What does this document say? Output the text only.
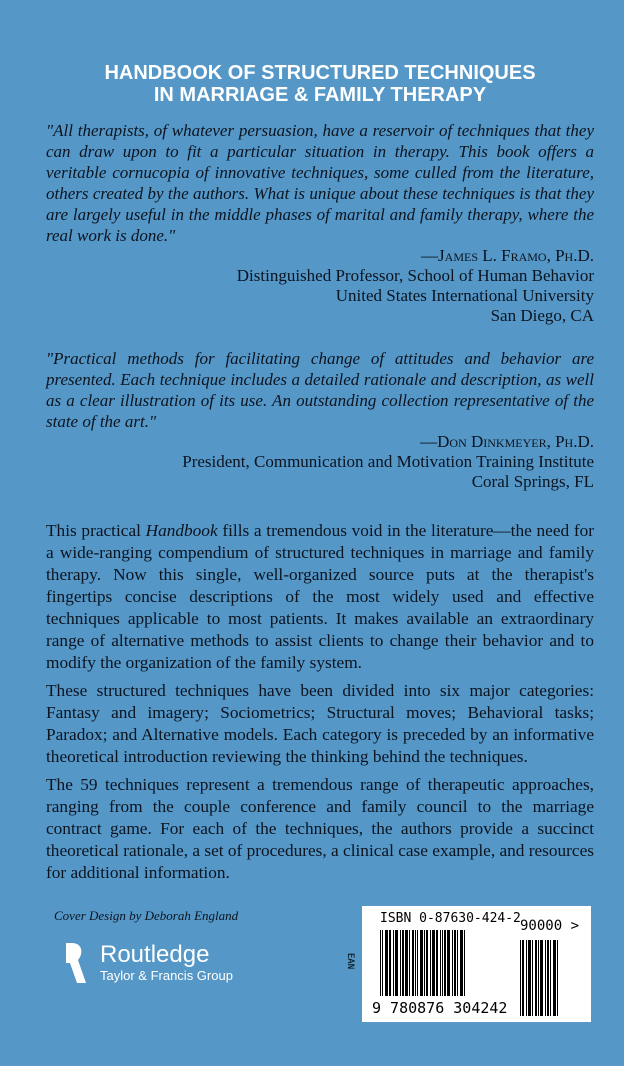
HANDBOOK OF STRUCTURED TECHNIQUES
IN MARRIAGE & FAMILY THERAPY
"All therapists, of whatever persuasion, have a reservoir of techniques that they can draw upon to fit a particular situation in therapy. This book offers a veritable cornucopia of innovative techniques, some culled from the literature, others created by the authors. What is unique about these techniques is that they are largely useful in the middle phases of marital and family therapy, where the real work is done."
—James L. Framo, Ph.D.
Distinguished Professor, School of Human Behavior
United States International University
San Diego, CA
"Practical methods for facilitating change of attitudes and behavior are presented. Each technique includes a detailed rationale and description, as well as a clear illustration of its use. An outstanding collection representative of the state of the art."
—Don Dinkmeyer, Ph.D.
President, Communication and Motivation Training Institute
Coral Springs, FL

This practical Handbook fills a tremendous void in the literature—the need for a wide-ranging compendium of structured techniques in marriage and family therapy. Now this single, well-organized source puts at the therapist's fingertips concise descriptions of the most widely used and effective techniques applicable to most patients. It makes available an extraordinary range of alternative methods to assist clients to change their behavior and to modify the organization of the family system.

These structured techniques have been divided into six major categories: Fantasy and imagery; Sociometrics; Structural moves; Behavioral tasks; Paradox; and Alternative models. Each category is preceded by an informative theoretical introduction reviewing the thinking behind the techniques.

The 59 techniques represent a tremendous range of therapeutic approaches, ranging from the couple conference and family council to the marriage contract game. For each of the techniques, the authors provide a succinct theoretical rationale, a set of procedures, a clinical case example, and resources for additional information.

Cover Design by Deborah England
Routledge
Taylor & Francis Group
ISBN 0-87630-424-2
EAN
90000 >
9 780876 304242
